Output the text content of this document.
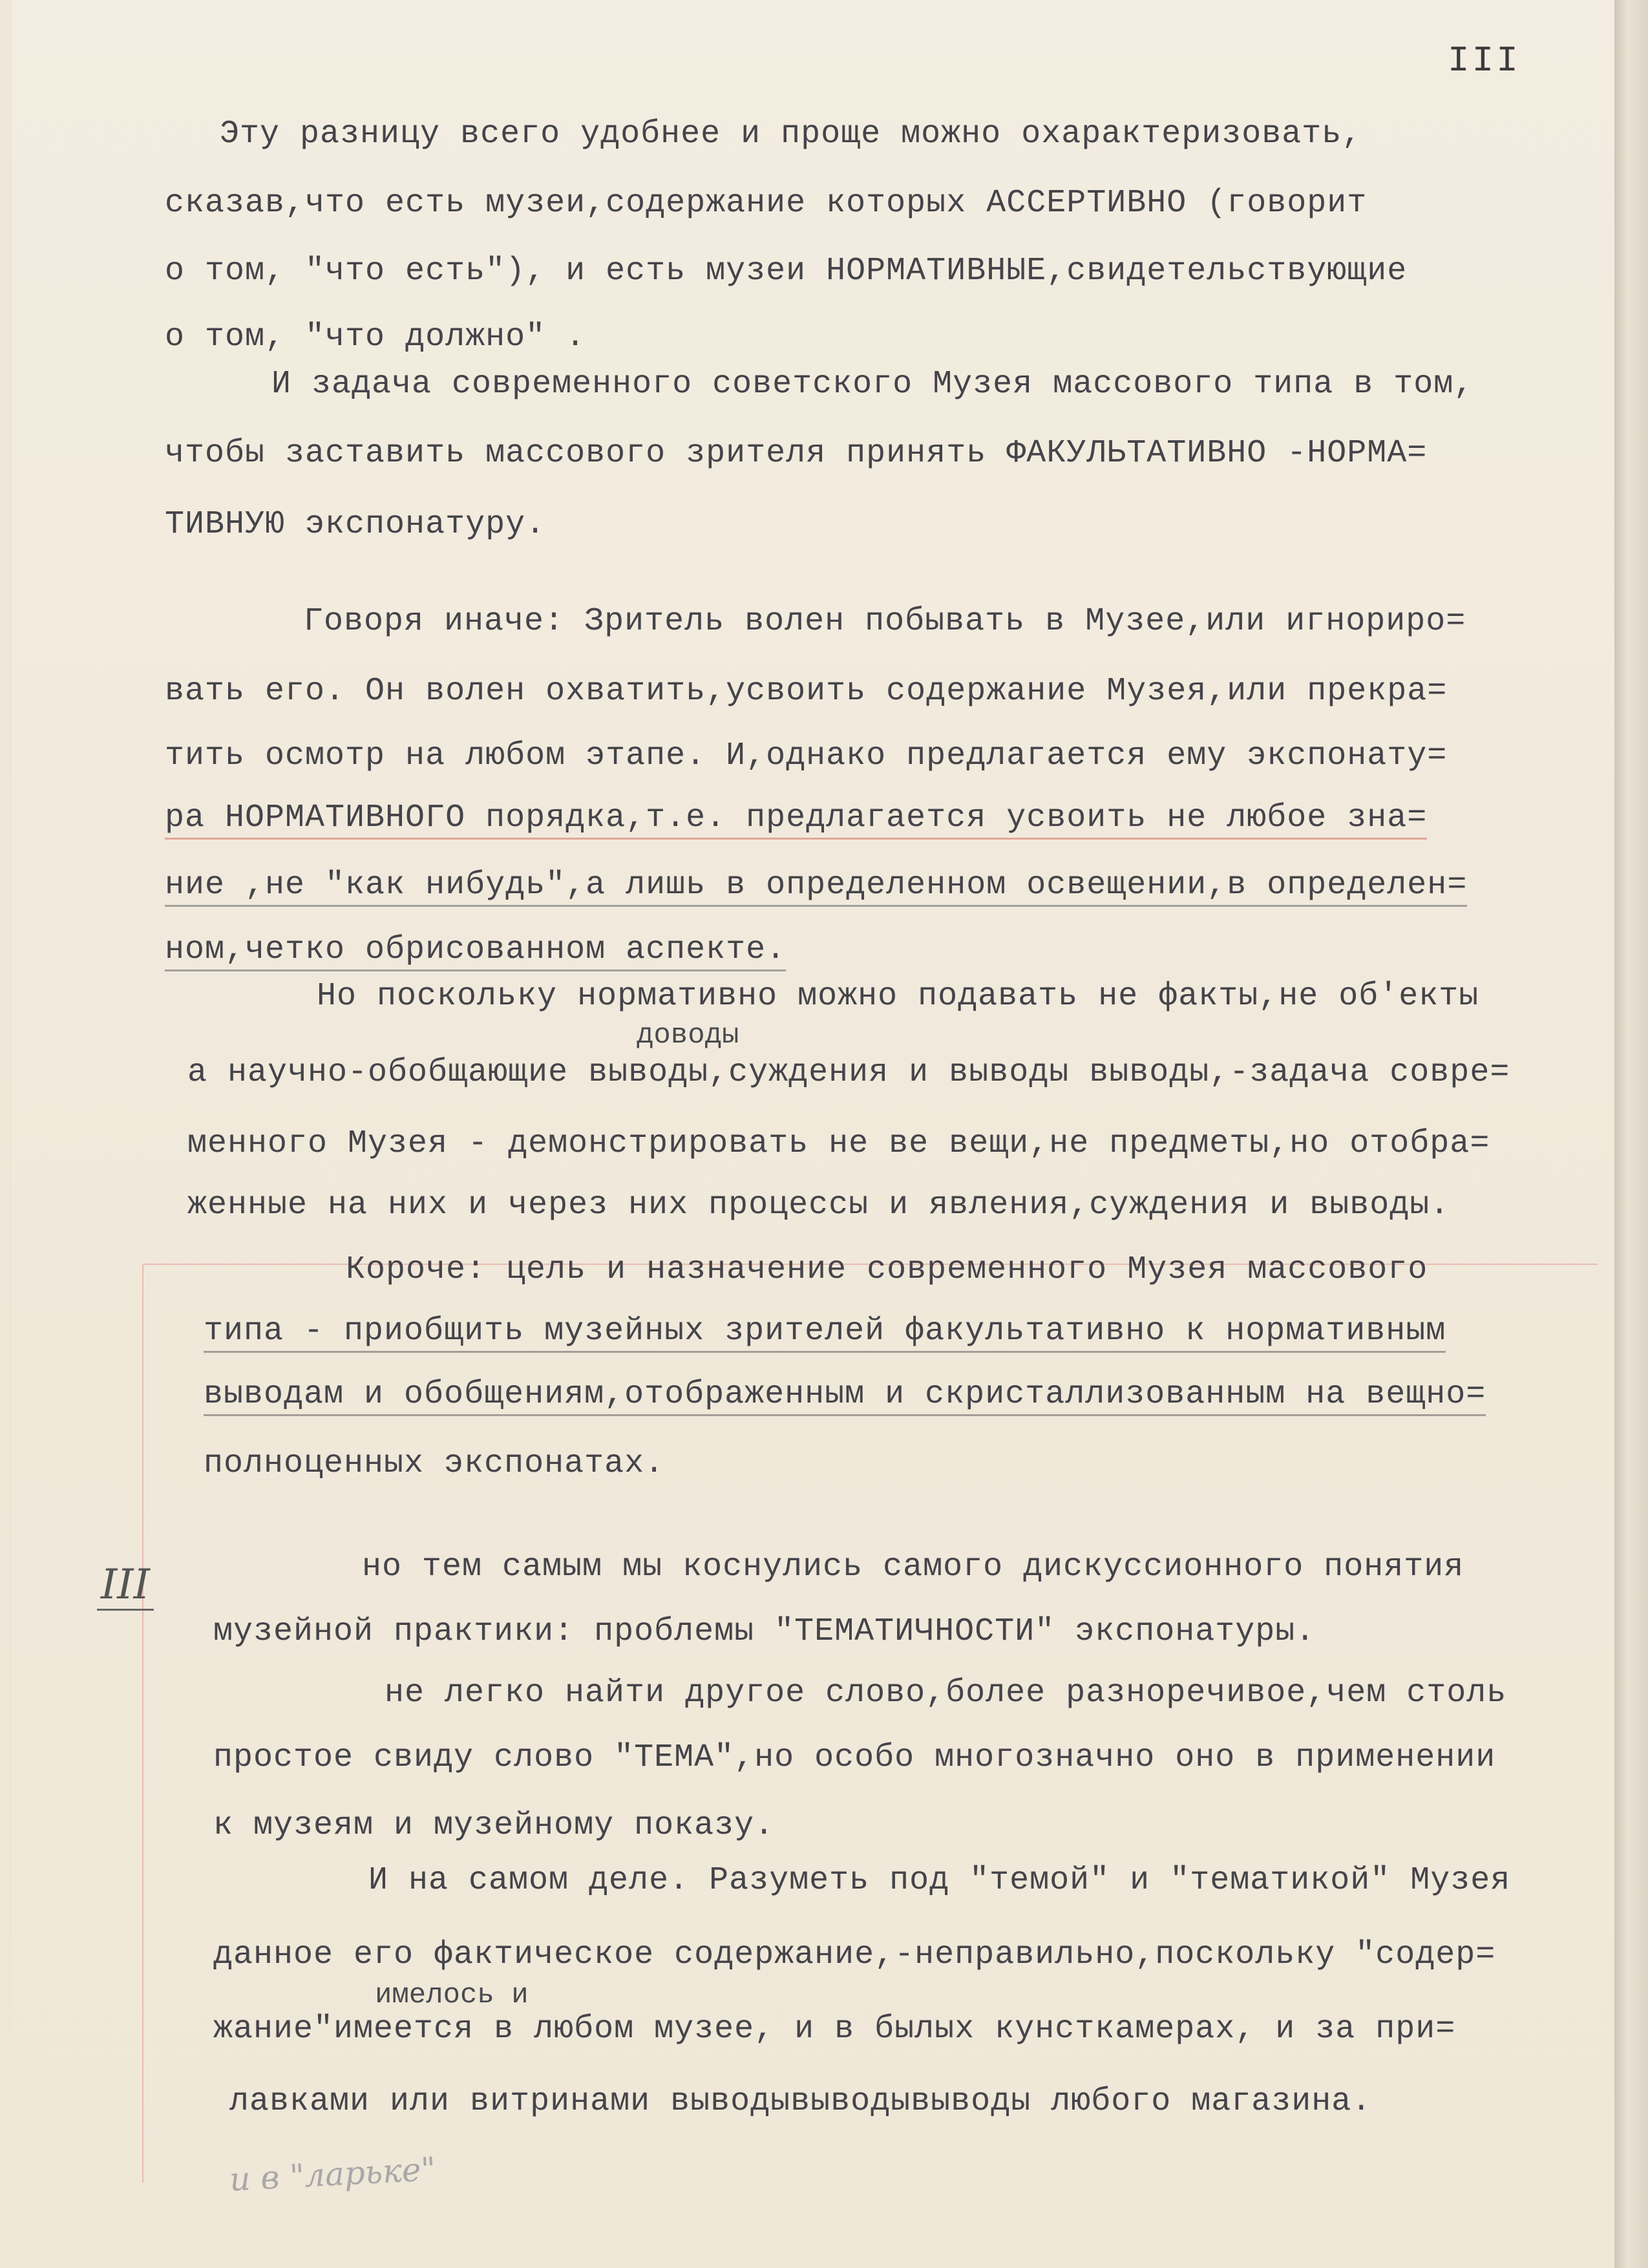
III
Эту разницу всего удобнее и проще можно охарактеризовать,
сказав,что есть музеи,содержание которых АССЕРТИВНО (говорит
о том, "что есть"), и есть музеи НОРМАТИВНЫЕ,свидетельствующие
о том, "что должно" .
И задача современного советского Музея массового типа в том,
чтобы заставить массового зрителя принять ФАКУЛЬТАТИВНО -НОРМА=
ТИВНУЮ экспонатуру.
Говоря иначе: Зритель волен побывать в Музее,или игнориро=
вать его. Он волен охватить,усвоить содержание Музея,или прекра=
тить осмотр на любом этапе. И,однако предлагается ему экспонату=
ра НОРМАТИВНОГО порядка,т.е. предлагается усвоить не любое зна=
ние ,не "как нибудь",а лишь в определенном освещении,в определен=
ном,четко обрисованном аспекте.
Но поскольку нормативно можно подавать не факты,не об'екты
доводы
а научно-обобщающие выводы,суждения и выводы выводы,-задача совре=
менного Музея - демонстрировать не ве вещи,не предметы,но отобра=
женные на них и через них процессы и явления,суждения и выводы.
Короче: цель и назначение современного Музея массового
типа - приобщить музейных зрителей факультативно к нормативным
выводам и обобщениям,отображенным и скристаллизованным на вещно=
полноценных экспонатах.
III	но тем самым мы коснулись самого дискуссионного понятия
музейной практики: проблемы "ТЕМАТИЧНОСТИ" экспонатуры.
не легко найти другое слово,более разноречивое,чем столь
простое свиду слово "ТЕМА",но особо многозначно оно в применении
к музеям и музейному показу.
И на самом деле. Разуметь под "темой" и "тематикой" Музея
данное его фактическое содержание,-неправильно,поскольку "содер=
имелось и
жание"имеется в любом музее, и в былых кунсткамерах, и за при=
лавками или витринами выводывыводывыводы любого магазина.
и в "ларьке"
